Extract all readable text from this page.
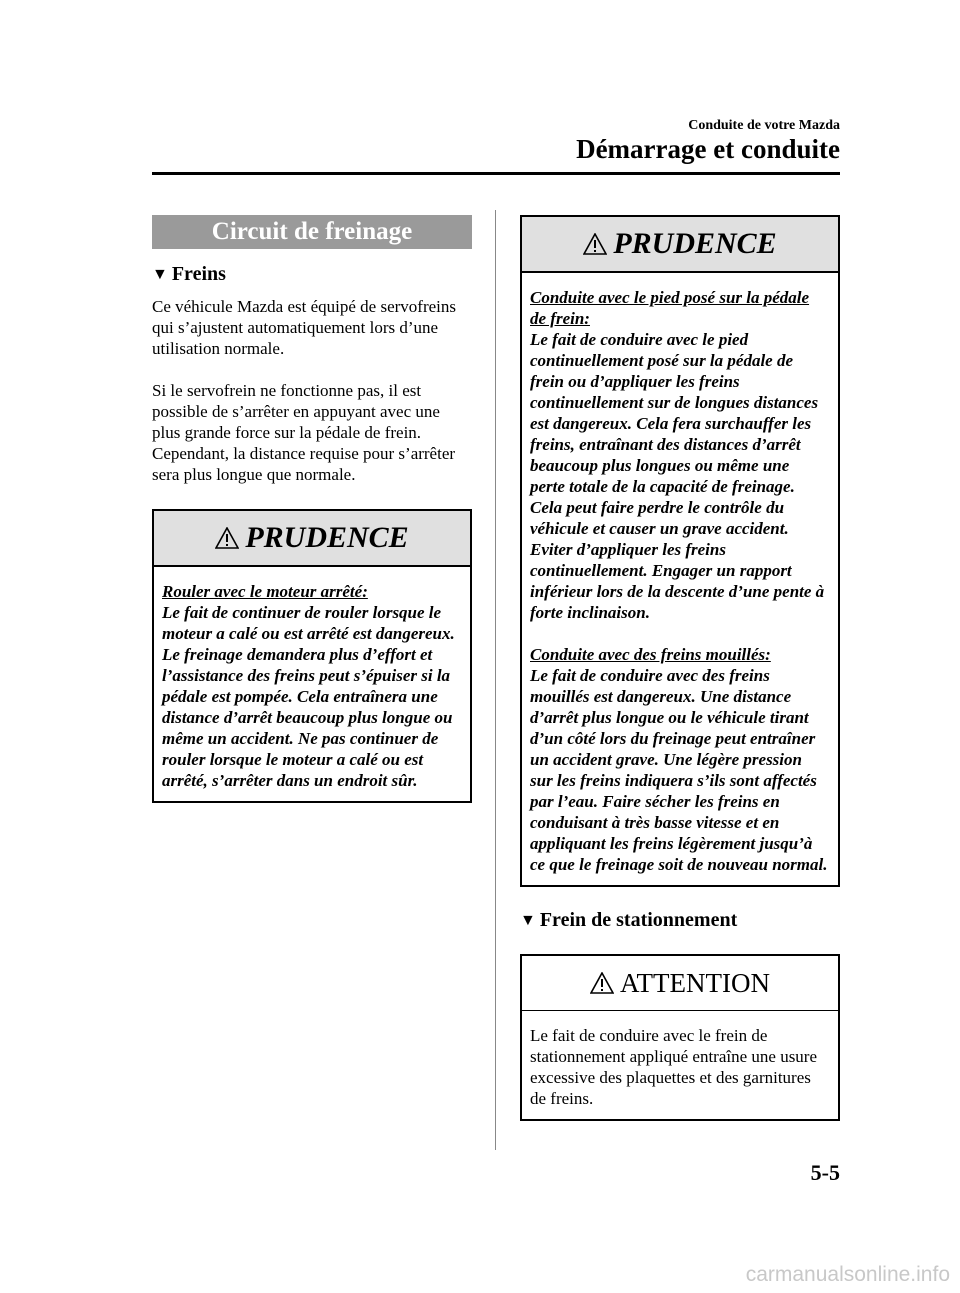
Conduite de votre Mazda
Démarrage et conduite
Circuit de freinage
▼ Freins

Ce véhicule Mazda est équipé de servofreins qui s’ajustent automatiquement lors d’une utilisation normale.

Si le servofrein ne fonctionne pas, il est possible de s’arrêter en appuyant avec une plus grande force sur la pédale de frein. Cependant, la distance requise pour s’arrêter sera plus longue que normale.

PRUDENCE

Rouler avec le moteur arrêté:

Le fait de continuer de rouler lorsque le moteur a calé ou est arrêté est dangereux.
Le freinage demandera plus d’effort et l’assistance des freins peut s’épuiser si la pédale est pompée. Cela entraînera une distance d’arrêt beaucoup plus longue ou même un accident. Ne pas continuer de rouler lorsque le moteur a calé ou est arrêté, s’arrêter dans un endroit sûr.

PRUDENCE

Conduite avec le pied posé sur la pédale de frein:

Le fait de conduire avec le pied continuellement posé sur la pédale de frein ou d’appliquer les freins continuellement sur de longues distances est dangereux. Cela fera surchauffer les freins, entraînant des distances d’arrêt beaucoup plus longues ou même une perte totale de la capacité de freinage. Cela peut faire perdre le contrôle du véhicule et causer un grave accident. Eviter d’appliquer les freins continuellement. Engager un rapport inférieur lors de la descente d’une pente à forte inclinaison.

Conduite avec des freins mouillés:

Le fait de conduire avec des freins mouillés est dangereux. Une distance d’arrêt plus longue ou le véhicule tirant d’un côté lors du freinage peut entraîner un accident grave. Une légère pression sur les freins indiquera s’ils sont affectés par l’eau. Faire sécher les freins en conduisant à très basse vitesse et en appliquant les freins légèrement jusqu’à ce que le freinage soit de nouveau normal.

▼ Frein de stationnement
ATTENTION

Le fait de conduire avec le frein de stationnement appliqué entraîne une usure excessive des plaquettes et des garnitures de freins.

5-5
carmanualsonline.info
